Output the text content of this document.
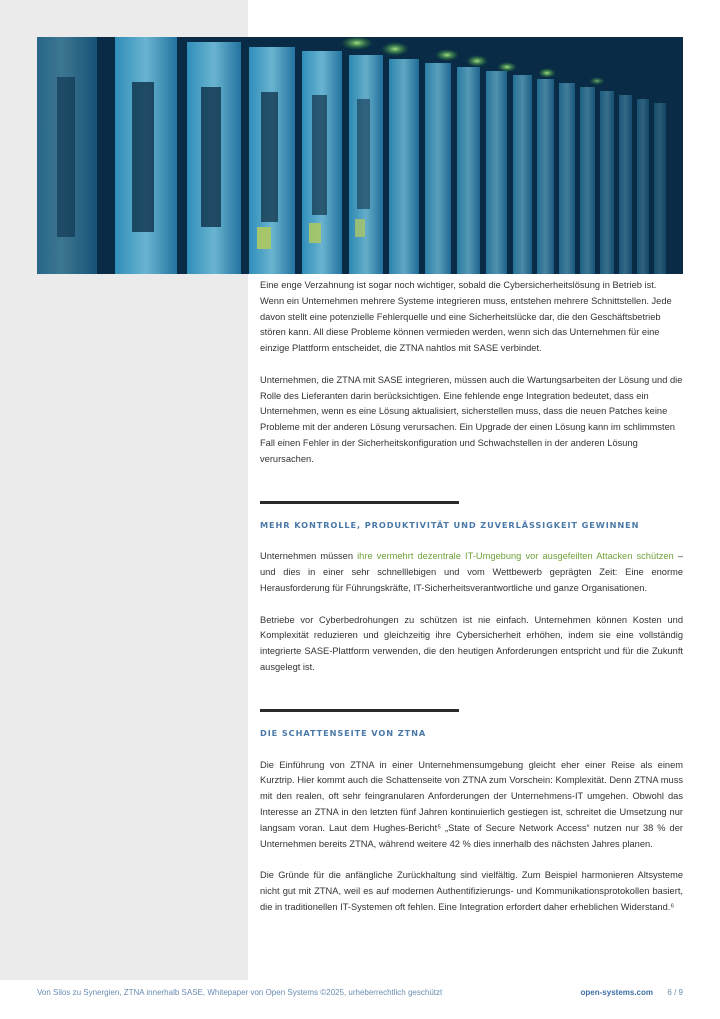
Eine enge Verzahnung ist sogar noch wichtiger, sobald die Cybersicherheitslösung in Betrieb ist. Wenn ein Unternehmen mehrere Systeme integrieren muss, entstehen mehrere Schnittstellen. Jede davon stellt eine potenzielle Fehlerquelle und eine Sicherheitslücke dar, die den Geschäftsbetrieb stören kann. All diese Probleme können vermieden werden, wenn sich das Unternehmen für eine einzige Plattform entscheidet, die ZTNA nahtlos mit SASE verbindet.

Unternehmen, die ZTNA mit SASE integrieren, müssen auch die Wartungsarbeiten der Lösung und die Rolle des Lieferanten darin berücksichtigen. Eine fehlende enge Integration bedeutet, dass ein Unternehmen, wenn es eine Lösung aktualisiert, sicherstellen muss, dass die neuen Patches keine Probleme mit der anderen Lösung verursachen. Ein Upgrade der einen Lösung kann im schlimmsten Fall einen Fehler in der Sicherheitskonfiguration und Schwachstellen in der anderen Lösung verursachen.

MEHR KONTROLLE, PRODUKTIVITÄT UND ZUVERLÄSSIGKEIT GEWINNEN

Unternehmen müssen ihre vermehrt dezentrale IT-Umgebung vor ausgefeilten Attacken schützen – und dies in einer sehr schnelllebigen und vom Wettbewerb geprägten Zeit: Eine enorme Herausforderung für Führungskräfte, IT-Sicherheitsverantwortliche und ganze Organisationen.

Betriebe vor Cyberbedrohungen zu schützen ist nie einfach. Unternehmen können Kosten und Komplexität reduzieren und gleichzeitig ihre Cybersicherheit erhöhen, indem sie eine vollständig integrierte SASE-Plattform verwenden, die den heutigen Anforderungen entspricht und für die Zukunft ausgelegt ist.

DIE SCHATTENSEITE VON ZTNA

Die Einführung von ZTNA in einer Unternehmensumgebung gleicht eher einer Reise als einem Kurztrip. Hier kommt auch die Schattenseite von ZTNA zum Vorschein: Komplexität. Denn ZTNA muss mit den realen, oft sehr feingranularen Anforderungen der Unternehmens-IT umgehen. Obwohl das Interesse an ZTNA in den letzten fünf Jahren kontinuierlich gestiegen ist, schreitet die Umsetzung nur langsam voran. Laut dem Hughes-Bericht⁵ „State of Secure Network Access“ nutzen nur 38 % der Unternehmen bereits ZTNA, während weitere 42 % dies innerhalb des nächsten Jahres planen.

Die Gründe für die anfängliche Zurückhaltung sind vielfältig. Zum Beispiel harmonieren Altsysteme nicht gut mit ZTNA, weil es auf modernen Authentifizierungs- und Kommunikationsprotokollen basiert, die in traditionellen IT-Systemen oft fehlen. Eine Integration erfordert daher erheblichen Widerstand.⁶

Von Silos zu Synergien, ZTNA innerhalb SASE, Whitepaper von Open Systems ©2025, urheberrechtlich geschützt	open-systems.com 6 / 9
